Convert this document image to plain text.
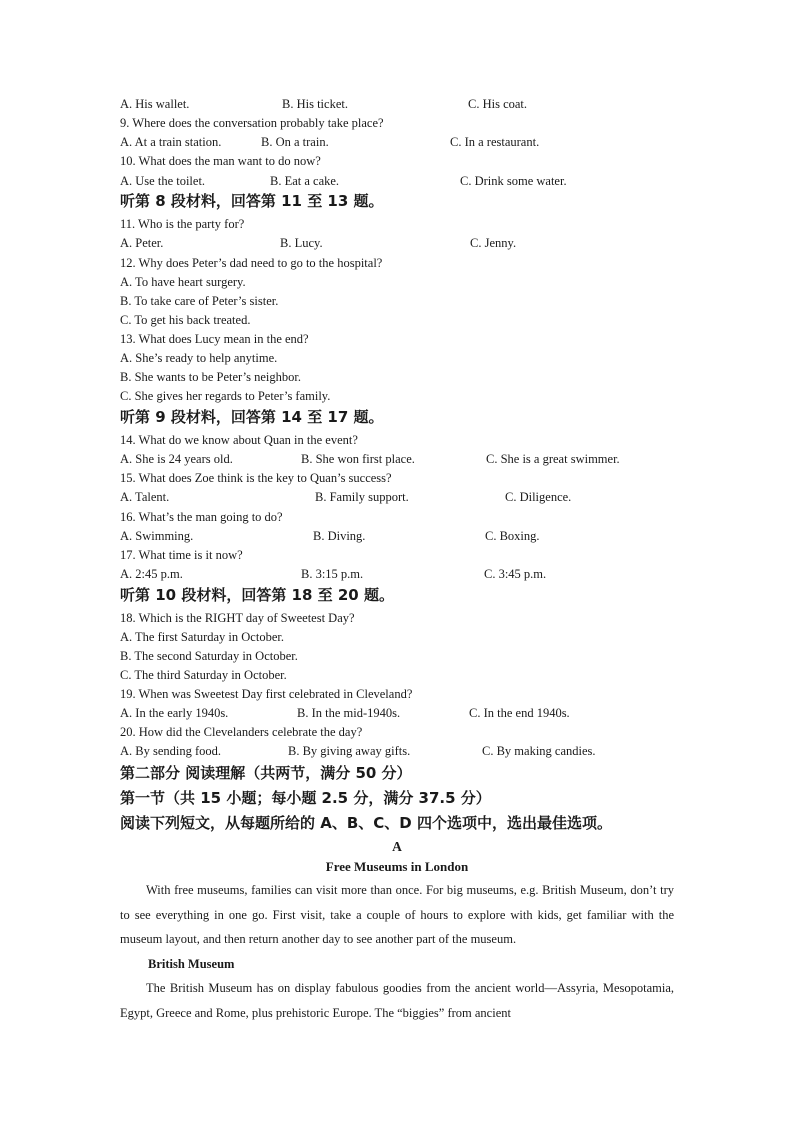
A. His wallet.	B. His ticket.	C. His coat.
9. Where does the conversation probably take place?
A. At a train station.	B. On a train.	C. In a restaurant.
10. What does the man want to do now?
A. Use the toilet.	B. Eat a cake.	C. Drink some water.
听第 8 段材料，回答第 11 至 13 题。
11. Who is the party for?
A. Peter.	B. Lucy.	C. Jenny.
12. Why does Peter’s dad need to go to the hospital?
A. To have heart surgery.
B. To take care of Peter’s sister.
C. To get his back treated.
13. What does Lucy mean in the end?
A. She’s ready to help anytime.
B. She wants to be Peter’s neighbor.
C. She gives her regards to Peter’s family.
听第 9 段材料，回答第 14 至 17 题。
14. What do we know about Quan in the event?
A. She is 24 years old.	B. She won first place.	C. She is a great swimmer.
15. What does Zoe think is the key to Quan’s success?
A. Talent.	B. Family support.	C. Diligence.
16. What’s the man going to do?
A. Swimming.	B. Diving.	C. Boxing.
17. What time is it now?
A. 2:45 p.m.	B. 3:15 p.m.	C. 3:45 p.m.
听第 10 段材料，回答第 18 至 20 题。
18. Which is the RIGHT day of Sweetest Day?
A. The first Saturday in October.
B. The second Saturday in October.
C. The third Saturday in October.
19. When was Sweetest Day first celebrated in Cleveland?
A. In the early 1940s.	B. In the mid-1940s.	C. In the end 1940s.
20. How did the Clevelanders celebrate the day?
A. By sending food.	B. By giving away gifts.	C. By making candies.
第二部分 阅读理解（共两节，满分 50 分）
第一节（共 15 小题；每小题 2.5 分，满分 37.5 分）
阅读下列短文，从每题所给的 A、B、C、D 四个选项中，选出最佳选项。
A
Free Museums in London
With free museums, families can visit more than once. For big museums, e.g. British Museum, don’t try to see everything in one go. First visit, take a couple of hours to explore with kids, get familiar with the museum layout, and then return another day to see another part of the museum.
British Museum
The British Museum has on display fabulous goodies from the ancient world—Assyria, Mesopotamia, Egypt, Greece and Rome, plus prehistoric Europe. The “biggies” from ancient
